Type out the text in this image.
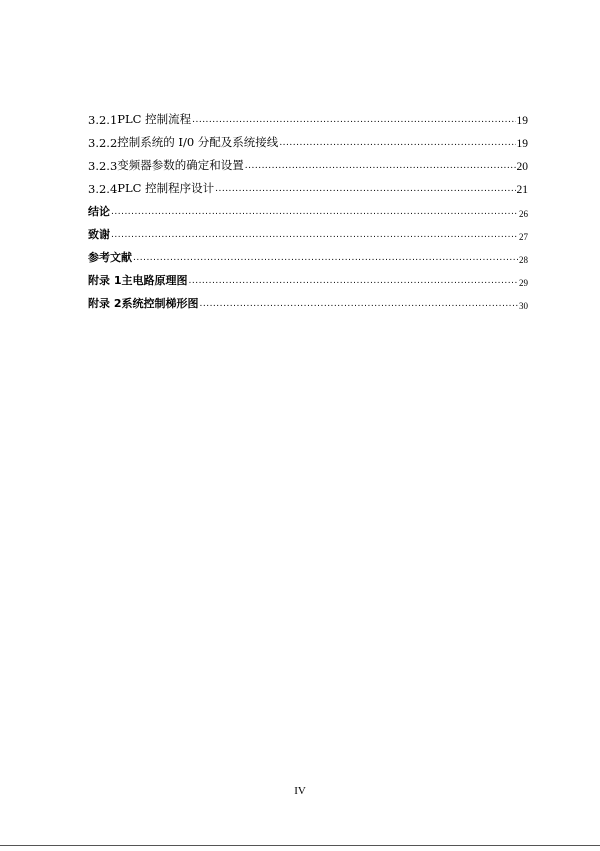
3.2.1 PLC 控制流程 .....	19
3.2.2 控制系统的 I/0 分配及系统接线 .....	19
3.2.3 变频器参数的确定和设置 .....	20
3.2.4 PLC 控制程序设计 .....	21
结论 .....	26
致谢 .....	27
参考文献 .....	28
附录 1 主电路原理图 .....	29
附录 2 系统控制梯形图 .....	30
IV
